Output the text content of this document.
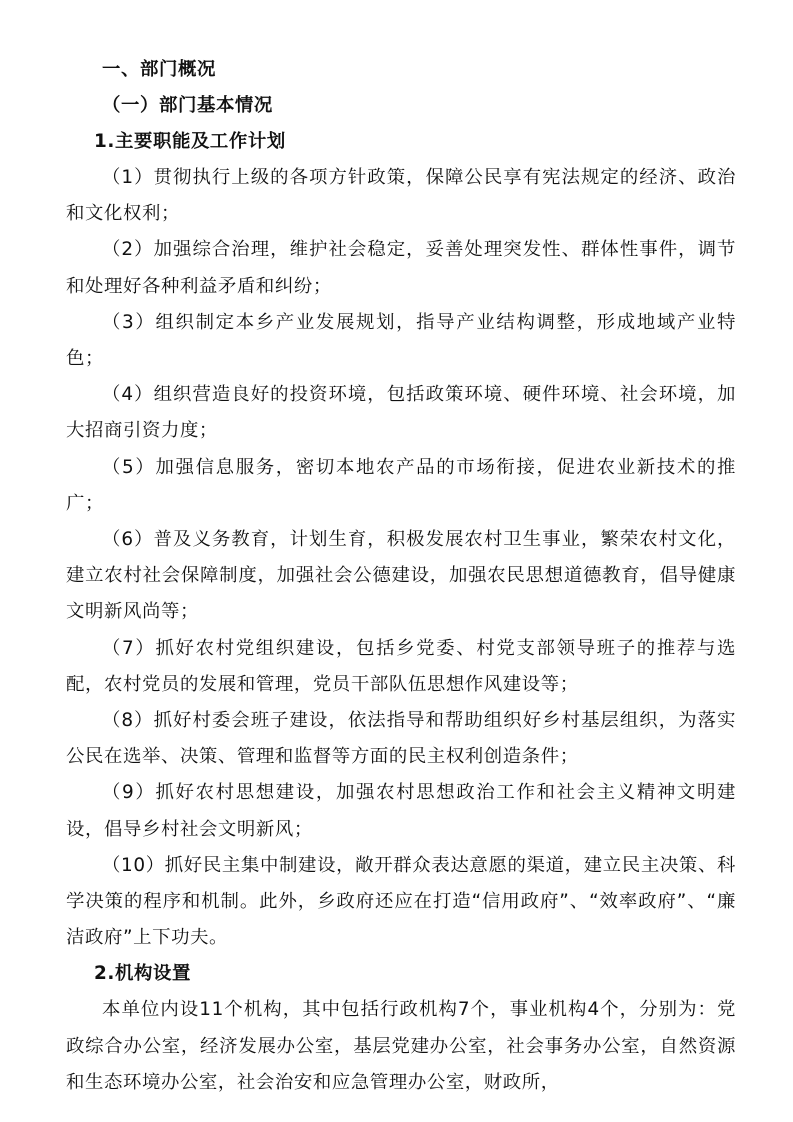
一、部门概况
（一）部门基本情况
1.主要职能及工作计划

（1）贯彻执行上级的各项方针政策，保障公民享有宪法规定的经济、政治和文化权利；

（2）加强综合治理，维护社会稳定，妥善处理突发性、群体性事件，调节和处理好各种利益矛盾和纠纷；

（3）组织制定本乡产业发展规划，指导产业结构调整，形成地域产业特色；

（4）组织营造良好的投资环境，包括政策环境、硬件环境、社会环境，加大招商引资力度；

（5）加强信息服务，密切本地农产品的市场衔接，促进农业新技术的推广；

（6）普及义务教育，计划生育，积极发展农村卫生事业，繁荣农村文化，建立农村社会保障制度，加强社会公德建设，加强农民思想道德教育，倡导健康文明新风尚等；

（7）抓好农村党组织建设，包括乡党委、村党支部领导班子的推荐与选配，农村党员的发展和管理，党员干部队伍思想作风建设等；

（8）抓好村委会班子建设，依法指导和帮助组织好乡村基层组织，为落实公民在选举、决策、管理和监督等方面的民主权利创造条件；

（9）抓好农村思想建设，加强农村思想政治工作和社会主义精神文明建设，倡导乡村社会文明新风；

（10）抓好民主集中制建设，敞开群众表达意愿的渠道，建立民主决策、科学决策的程序和机制。此外，乡政府还应在打造“信用政府”、“效率政府”、“廉洁政府”上下功夫。

2.机构设置

本单位内设11个机构，其中包括行政机构7个，事业机构4个，分别为：党政综合办公室，经济发展办公室，基层党建办公室，社会事务办公室，自然资源和生态环境办公室，社会治安和应急管理办公室，财政所，
